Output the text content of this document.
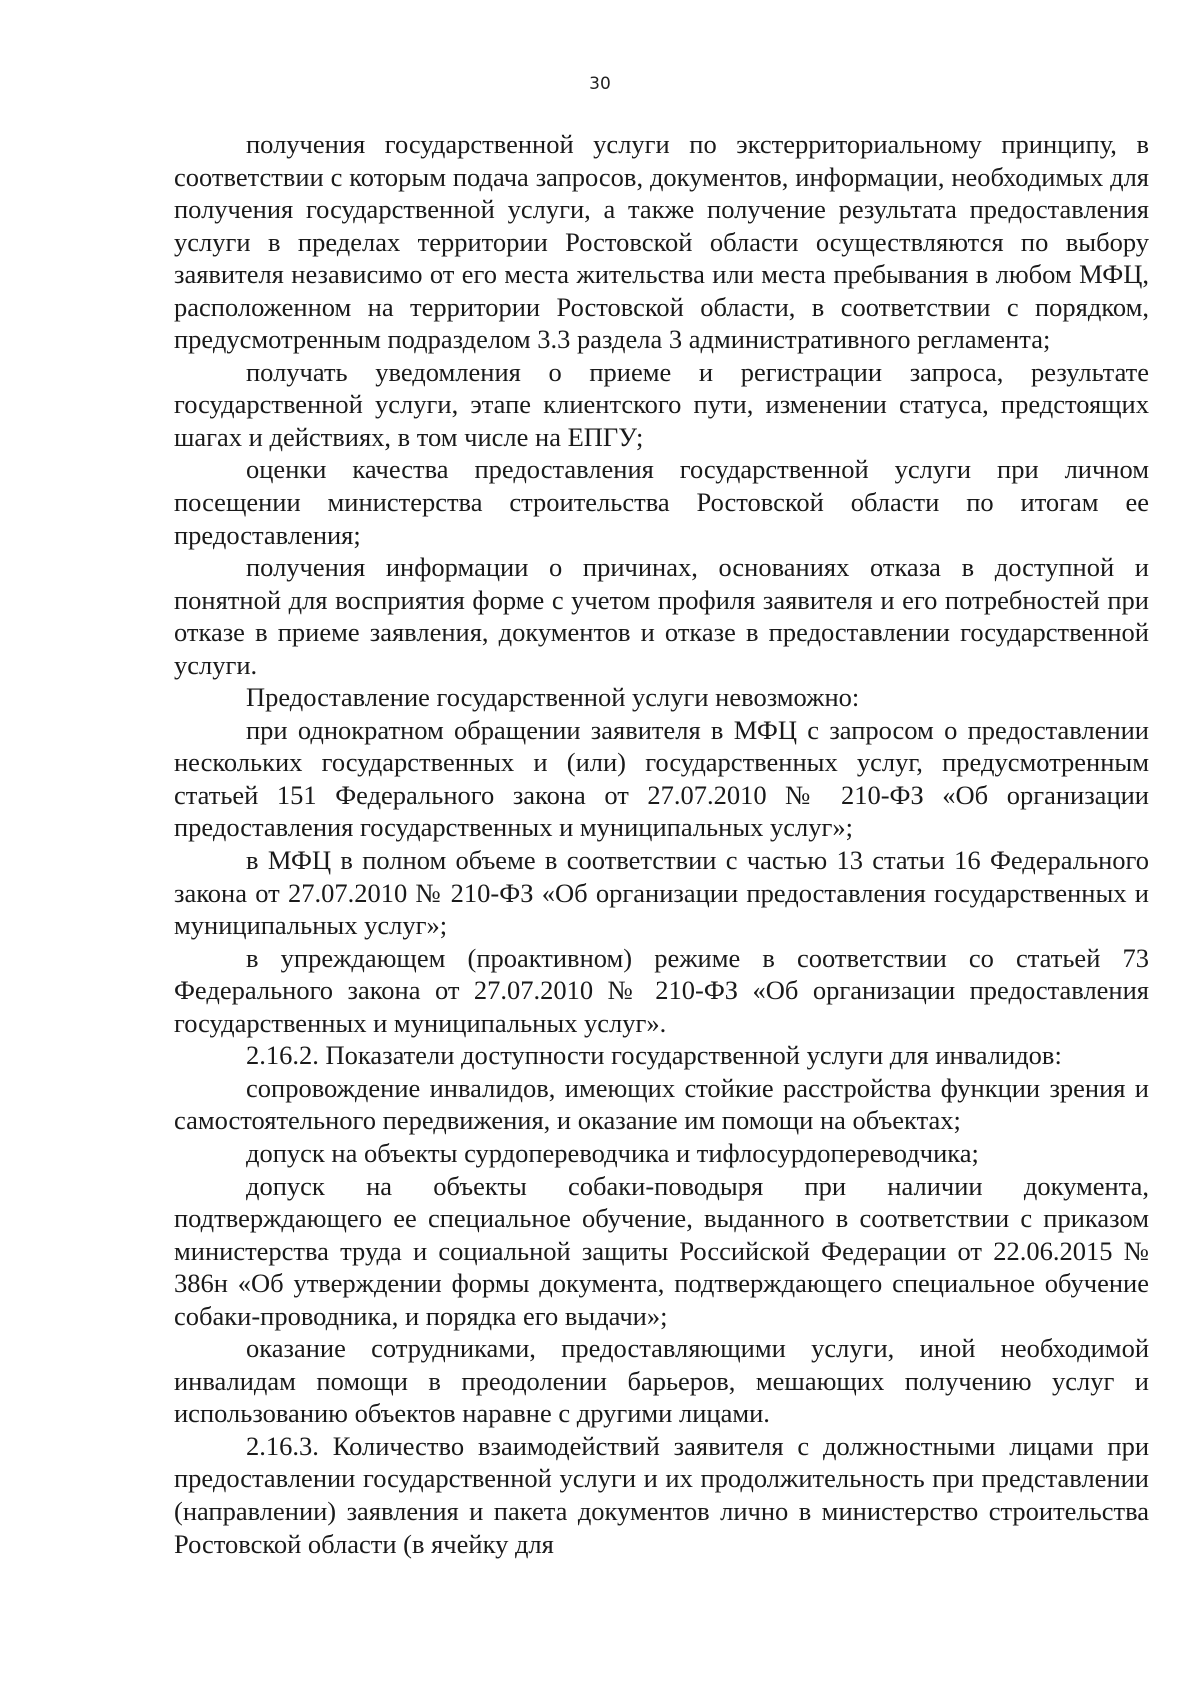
30

получения государственной услуги по экстерриториальному принципу, в соответствии с которым подача запросов, документов, информации, необходимых для получения государственной услуги, а также получение результата предоставления услуги в пределах территории Ростовской области осуществляются по выбору заявителя независимо от его места жительства или места пребывания в любом МФЦ, расположенном на территории Ростовской области, в соответствии с порядком, предусмотренным подразделом 3.3 раздела 3 административного регламента;

получать уведомления о приеме и регистрации запроса, результате государственной услуги, этапе клиентского пути, изменении статуса, предстоящих шагах и действиях, в том числе на ЕПГУ;

оценки качества предоставления государственной услуги при личном посещении министерства строительства Ростовской области по итогам ее предоставления;

получения информации о причинах, основаниях отказа в доступной и понятной для восприятия форме с учетом профиля заявителя и его потребностей при отказе в приеме заявления, документов и отказе в предоставлении государственной услуги.

Предоставление государственной услуги невозможно:

при однократном обращении заявителя в МФЦ с запросом о предоставлении нескольких государственных и (или) государственных услуг, предусмотренным статьей 151 Федерального закона от 27.07.2010 № 210-ФЗ «Об организации предоставления государственных и муниципальных услуг»;

в МФЦ в полном объеме в соответствии с частью 13 статьи 16 Федерального закона от 27.07.2010 № 210-ФЗ «Об организации предоставления государственных и муниципальных услуг»;

в упреждающем (проактивном) режиме в соответствии со статьей 73 Федерального закона от 27.07.2010 № 210-ФЗ «Об организации предоставления государственных и муниципальных услуг».

2.16.2. Показатели доступности государственной услуги для инвалидов:

сопровождение инвалидов, имеющих стойкие расстройства функции зрения и самостоятельного передвижения, и оказание им помощи на объектах;

допуск на объекты сурдопереводчика и тифлосурдопереводчика;

допуск на объекты собаки-поводыря при наличии документа, подтверждающего ее специальное обучение, выданного в соответствии с приказом министерства труда и социальной защиты Российской Федерации от 22.06.2015 № 386н «Об утверждении формы документа, подтверждающего специальное обучение собаки-проводника, и порядка его выдачи»;

оказание сотрудниками, предоставляющими услуги, иной необходимой инвалидам помощи в преодолении барьеров, мешающих получению услуг и использованию объектов наравне с другими лицами.

2.16.3. Количество взаимодействий заявителя с должностными лицами при предоставлении государственной услуги и их продолжительность при представлении (направлении) заявления и пакета документов лично в министерство строительства Ростовской области (в ячейку для
